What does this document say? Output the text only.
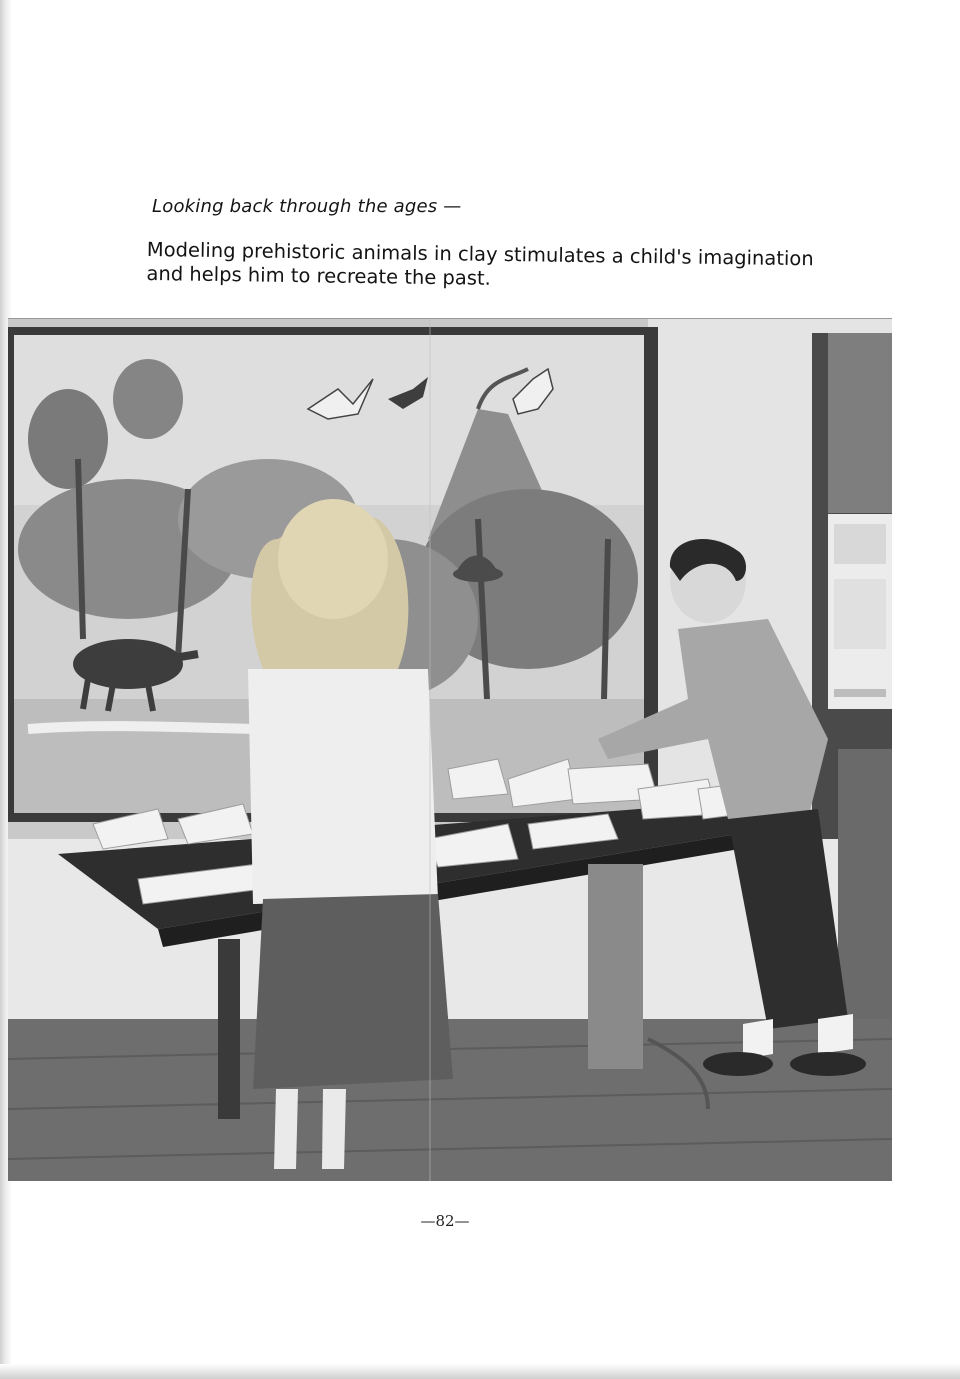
Looking back through the ages —
Modeling prehistoric animals in clay stimulates a child's imagination and helps him to recreate the past.
—82—
